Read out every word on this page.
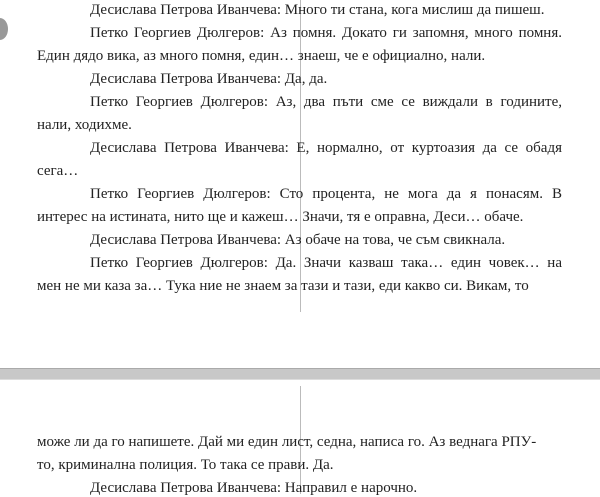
Десислава Петрова Иванчева: Много ти стана, кога мислиш да пишеш.
Петко Георгиев Дюлгеров: Аз помня. Докато ги запомня, много помня.
Един дядо вика, аз много помня, един… знаеш, че е официално, нали.
Десислава Петрова Иванчева: Да, да.
Петко Георгиев Дюлгеров: Аз, два пъти сме се виждали в годините,
нали, ходихме.
Десислава Петрова Иванчева: Е, нормално, от куртоазия да се обадя
сега…
Петко Георгиев Дюлгеров: Сто процента, не мога да я понасям. В
интерес на истината, нито ще и кажеш… Значи, тя е оправна, Деси… обаче.
Десислава Петрова Иванчева: Аз обаче на това, че съм свикнала.
Петко Георгиев Дюлгеров: Да. Значи казваш така… един човек… на
мен не ми каза за… Тука ние не знаем за тази и тази, еди какво си. Викам, то
може ли да го напишете. Дай ми един лист, седна, написа го. Аз веднага РПУ-
то, криминална полиция. То така се прави. Да.
Десислава Петрова Иванчева: Направил е нарочно.
